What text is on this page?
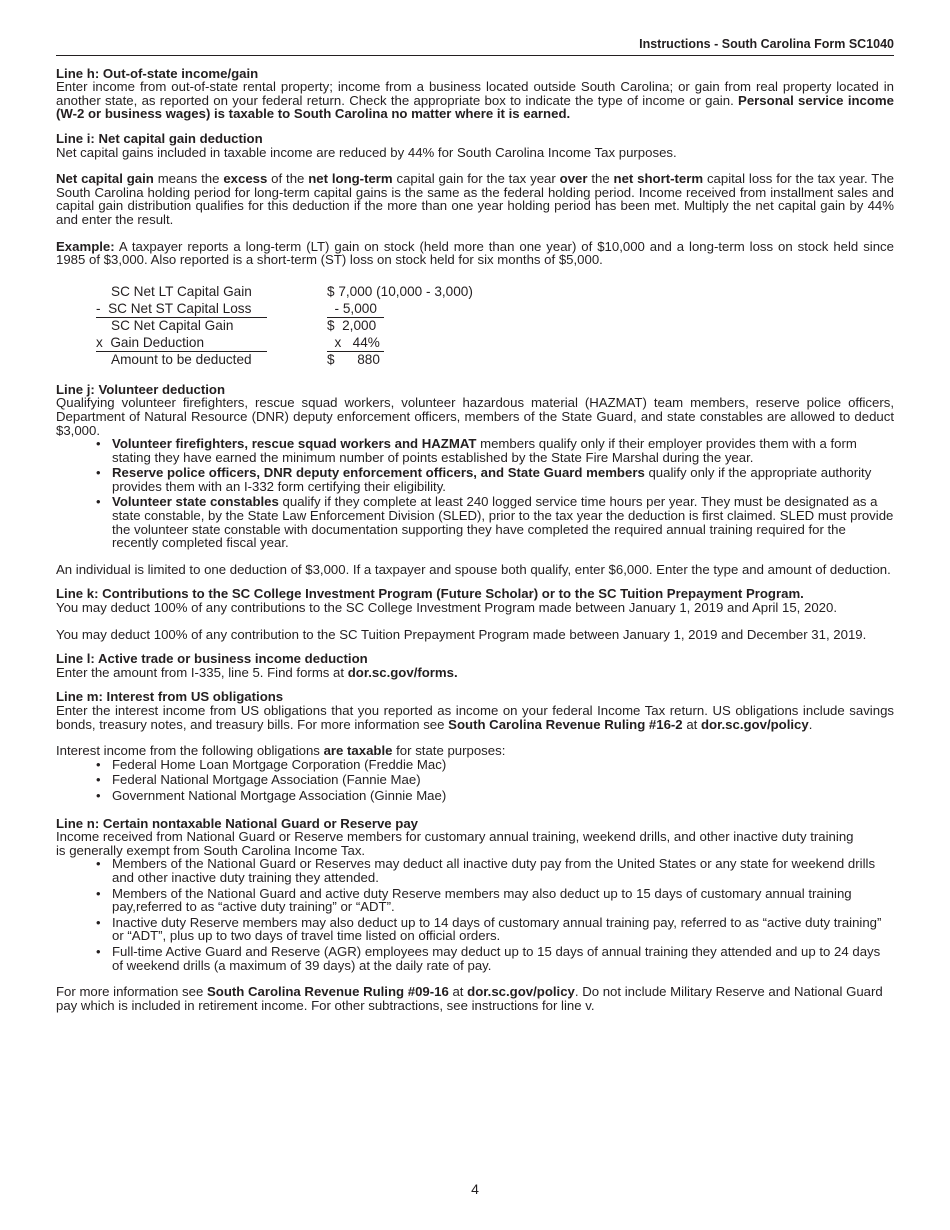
Instructions - South Carolina Form SC1040
Line h: Out-of-state income/gain

Enter income from out-of-state rental property; income from a business located outside South Carolina; or gain from real property located in another state, as reported on your federal return. Check the appropriate box to indicate the type of income or gain. Personal service income (W-2 or business wages) is taxable to South Carolina no matter where it is earned.

Line i: Net capital gain deduction

Net capital gains included in taxable income are reduced by 44% for South Carolina Income Tax purposes.

Net capital gain means the excess of the net long-term capital gain for the tax year over the net short-term capital loss for the tax year. The South Carolina holding period for long-term capital gains is the same as the federal holding period. Income received from installment sales and capital gain distribution qualifies for this deduction if the more than one year holding period has been met. Multiply the net capital gain by 44% and enter the result.

Example: A taxpayer reports a long-term (LT) gain on stock (held more than one year) of $10,000 and a long-term loss on stock held since 1985 of $3,000. Also reported is a short-term (ST) loss on stock held for six months of $5,000.

SC Net LT Capital Gain	$ 7,000 (10,000 - 3,000)
-  SC Net ST Capital Loss	- 5,000
SC Net Capital Gain	$  2,000
x  Gain Deduction	x   44%
Amount to be deducted	$      880
Line j: Volunteer deduction

Qualifying volunteer firefighters, rescue squad workers, volunteer hazardous material (HAZMAT) team members, reserve police officers, Department of Natural Resource (DNR) deputy enforcement officers, members of the State Guard, and state constables are allowed to deduct $3,000.

• Volunteer firefighters, rescue squad workers and HAZMAT members qualify only if their employer provides them with a form stating they have earned the minimum number of points established by the State Fire Marshal during the year.
• Reserve police officers, DNR deputy enforcement officers, and State Guard members qualify only if the appropriate authority provides them with an I-332 form certifying their eligibility.
• Volunteer state constables qualify if they complete at least 240 logged service time hours per year. They must be designated as a state constable, by the State Law Enforcement Division (SLED), prior to the tax year the deduction is first claimed. SLED must provide the volunteer state constable with documentation supporting they have completed the required annual training required for the recently completed fiscal year.

An individual is limited to one deduction of $3,000. If a taxpayer and spouse both qualify, enter $6,000. Enter the type and amount of deduction.

Line k: Contributions to the SC College Investment Program (Future Scholar) or to the SC Tuition Prepayment Program.

You may deduct 100% of any contributions to the SC College Investment Program made between January 1, 2019 and April 15, 2020.

You may deduct 100% of any contribution to the SC Tuition Prepayment Program made between January 1, 2019 and December 31, 2019.

Line l: Active trade or business income deduction

Enter the amount from I-335, line 5. Find forms at dor.sc.gov/forms.

Line m: Interest from US obligations

Enter the interest income from US obligations that you reported as income on your federal Income Tax return. US obligations include savings bonds, treasury notes, and treasury bills. For more information see South Carolina Revenue Ruling #16-2 at dor.sc.gov/policy.

Interest income from the following obligations are taxable for state purposes:

• Federal Home Loan Mortgage Corporation (Freddie Mac)
• Federal National Mortgage Association (Fannie Mae)
• Government National Mortgage Association (Ginnie Mae)
Line n: Certain nontaxable National Guard or Reserve pay

Income received from National Guard or Reserve members for customary annual training, weekend drills, and other inactive duty training is generally exempt from South Carolina Income Tax.

• Members of the National Guard or Reserves may deduct all inactive duty pay from the United States or any state for weekend drills and other inactive duty training they attended.
• Members of the National Guard and active duty Reserve members may also deduct up to 15 days of customary annual training pay,referred to as “active duty training” or “ADT”.
• Inactive duty Reserve members may also deduct up to 14 days of customary annual training pay, referred to as “active duty training” or “ADT”, plus up to two days of travel time listed on official orders.
• Full-time Active Guard and Reserve (AGR) employees may deduct up to 15 days of annual training they attended and up to 24 days of weekend drills (a maximum of 39 days) at the daily rate of pay.

For more information see South Carolina Revenue Ruling #09-16 at dor.sc.gov/policy. Do not include Military Reserve and National Guard pay which is included in retirement income. For other subtractions, see instructions for line v.

4
